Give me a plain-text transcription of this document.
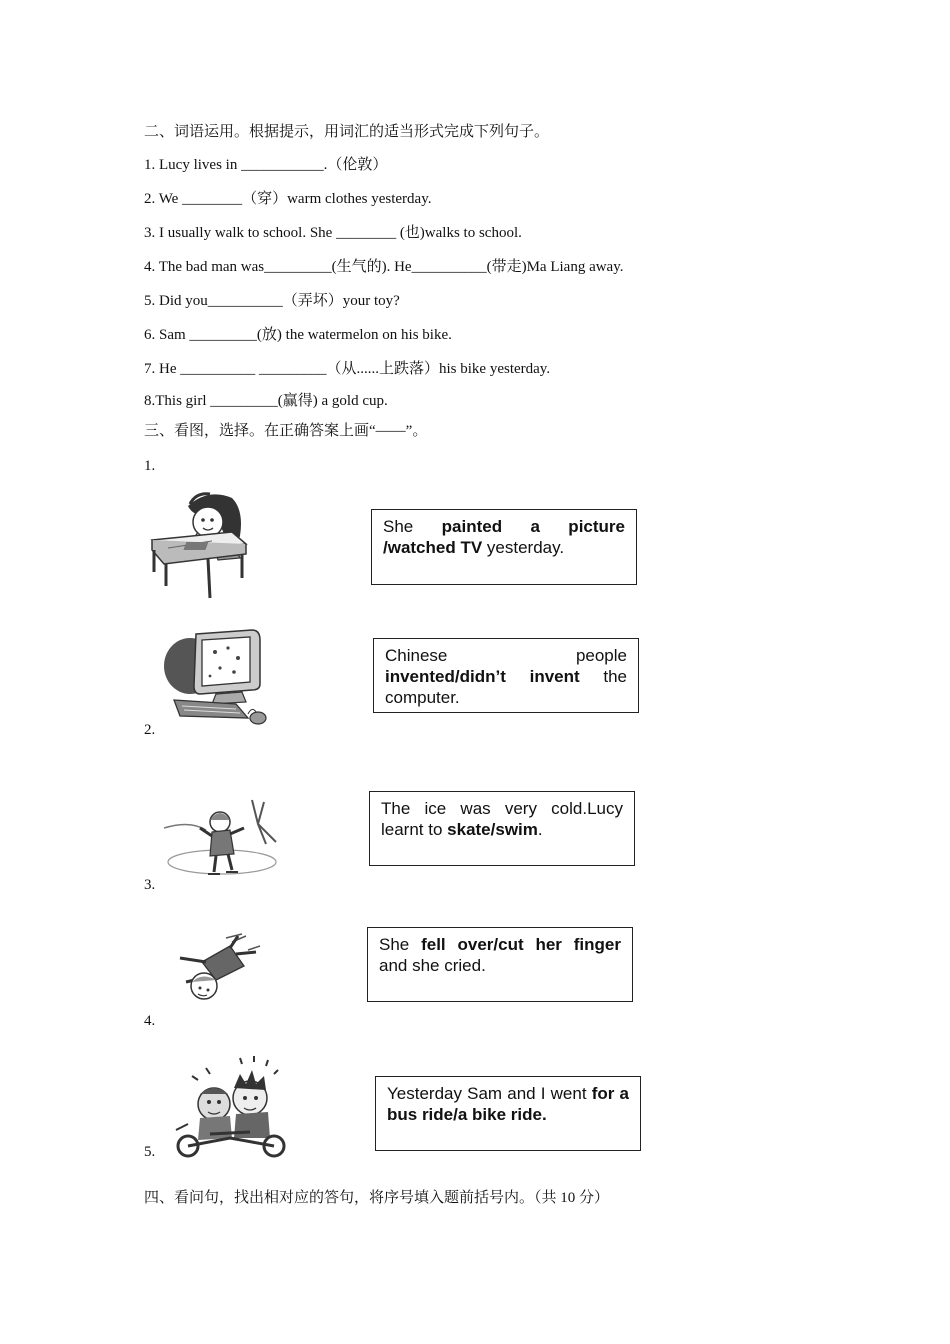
二、词语运用。根据提示，用词汇的适当形式完成下列句子。
1. Lucy lives in ___________.（伦敦）
2. We ________（穿）warm clothes yesterday.
3. I usually walk to school. She ________ (也)walks to school.
4. The bad man was_________(生气的). He__________(带走)Ma Liang away.
5. Did you__________（弄坏）your toy?
6. Sam _________(放) the watermelon on his bike.
7. He __________ _________（从......上跌落）his bike yesterday.
8.This girl _________(赢得) a gold cup.
三、看图，选择。在正确答案上画“——”。
1.
She painted a picture /watched TV yesterday.
2.
Chinese people invented/didn’t invent the computer.
3.
The ice was very cold.Lucy learnt to skate/swim.
4.
She fell over/cut her finger and she cried.
5.
Yesterday Sam and I went for a bus ride/a bike ride.
四、看问句，找出相对应的答句，将序号填入题前括号内。（共 10 分）
